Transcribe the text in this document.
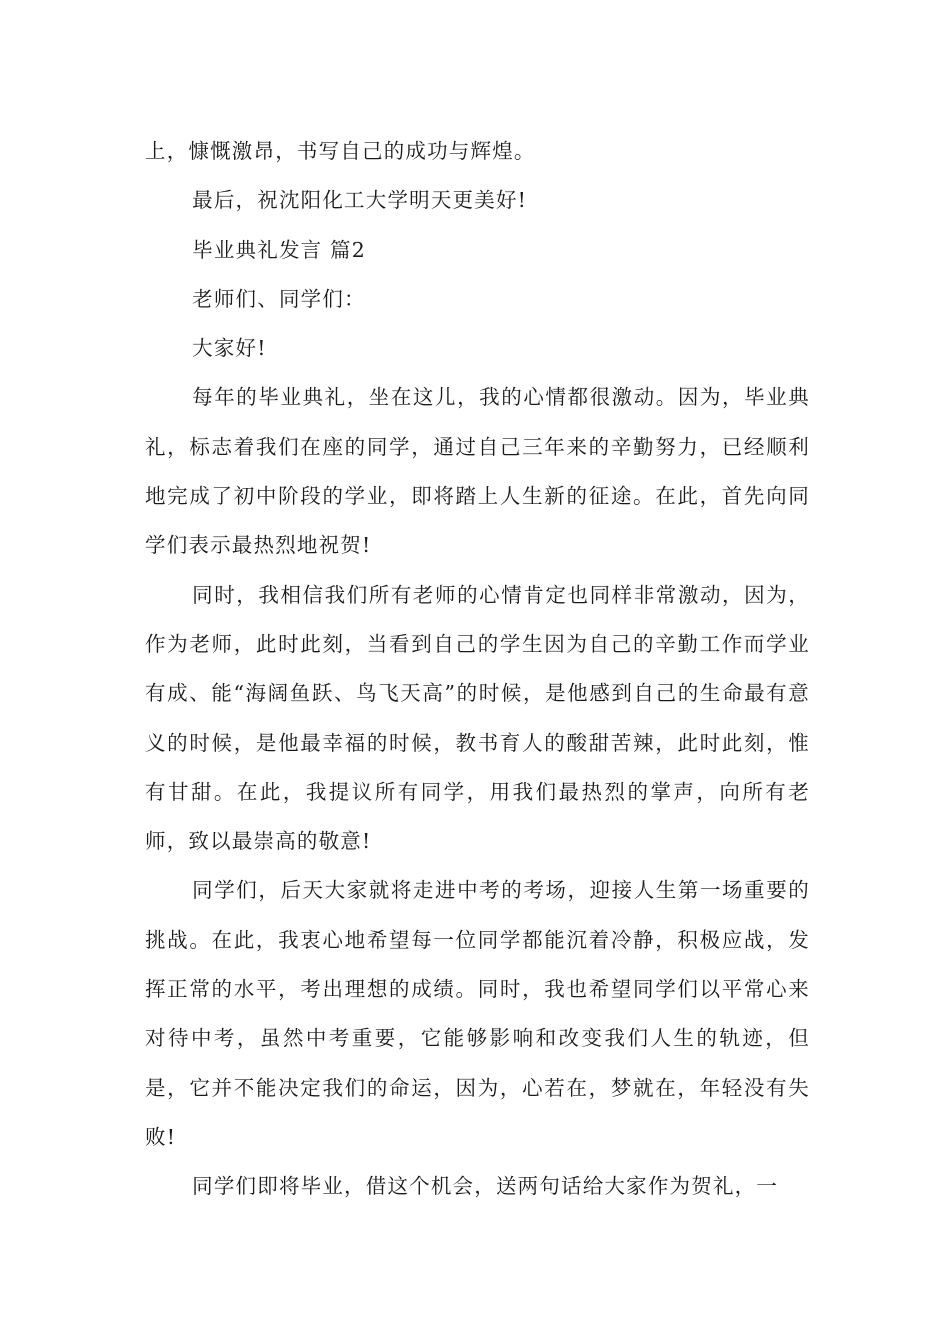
上，慷慨激昂，书写自己的成功与辉煌。

最后，祝沈阳化工大学明天更美好!

毕业典礼发言 篇2

老师们、同学们：

大家好!

每年的毕业典礼，坐在这儿，我的心情都很激动。因为，毕业典礼，标志着我们在座的同学，通过自己三年来的辛勤努力，已经顺利地完成了初中阶段的学业，即将踏上人生新的征途。在此，首先向同学们表示最热烈地祝贺!

同时，我相信我们所有老师的心情肯定也同样非常激动，因为，作为老师，此时此刻，当看到自己的学生因为自己的辛勤工作而学业有成、能“海阔鱼跃、鸟飞天高”的时候，是他感到自己的生命最有意义的时候，是他最幸福的时候，教书育人的酸甜苦辣，此时此刻，惟有甘甜。在此，我提议所有同学，用我们最热烈的掌声，向所有老师，致以最崇高的敬意!

同学们，后天大家就将走进中考的考场，迎接人生第一场重要的挑战。在此，我衷心地希望每一位同学都能沉着冷静，积极应战，发挥正常的水平，考出理想的成绩。同时，我也希望同学们以平常心来对待中考，虽然中考重要，它能够影响和改变我们人生的轨迹，但是，它并不能决定我们的命运，因为，心若在，梦就在，年轻没有失败!

同学们即将毕业，借这个机会，送两句话给大家作为贺礼，一
